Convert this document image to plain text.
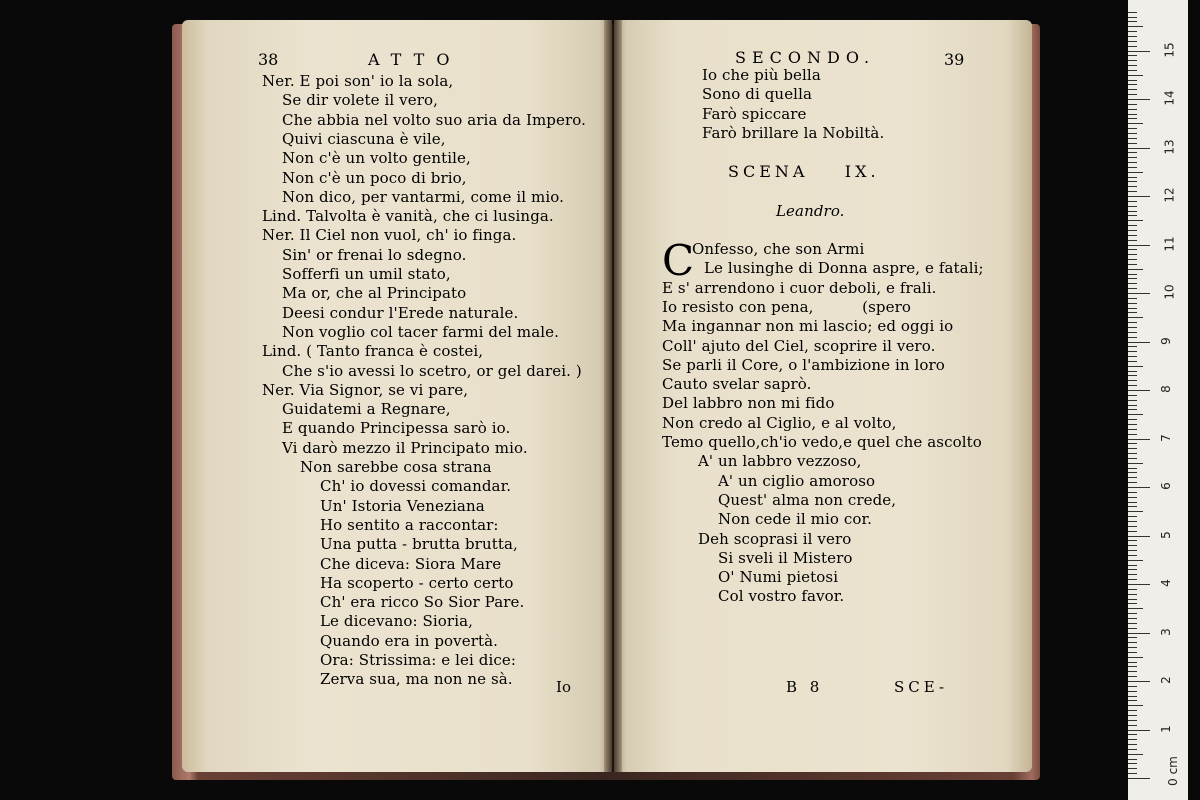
38	ATTO
Ner. E poi son' io la sola,
Se dir volete il vero,
Che abbia nel volto suo aria da Impero.
Quivi ciascuna è vile,
Non c'è un volto gentile,
Non c'è un poco di brio,
Non dico, per vantarmi, come il mio.
Lind. Talvolta è vanità, che ci lusinga.
Ner. Il Ciel non vuol, ch' io finga.
Sin' or frenai lo sdegno.
Sofferfi un umil stato,
Ma or, che al Principato
Deesi condur l'Erede naturale.
Non voglio col tacer farmi del male.
Lind. ( Tanto franca è costei,
Che s'io avessi lo scetro, or gel darei. )
Ner. Via Signor, se vi pare,
Guidatemi a Regnare,
E quando Principessa sarò io.
Vi darò mezzo il Principato mio.
Non sarebbe cosa strana
Ch' io dovessi comandar.
Un' Istoria Veneziana
Ho sentito a raccontar:
Una putta - brutta brutta,
Che diceva: Siora Mare
Ha scoperto - certo certo
Ch' era ricco So Sior Pare.
Le dicevano: Sioria,
Quando era in povertà.
Ora: Strissima: e lei dice:
Zerva sua, ma non ne sà.	Io
SECONDO.	39
Io che più bella
Sono di quella
Farò spiccare
Farò brillare la Nobiltà.
SCENA    IX.
Leandro.
C
Onfesso, che son Armi
Le lusinghe di Donna aspre, e fatali;
E s' arrendono i cuor deboli, e frali.
Io resisto con pena,          (spero
Ma ingannar non mi lascio; ed oggi io
Coll' ajuto del Ciel, scoprire il vero.
Se parli il Core, o l'ambizione in loro
Cauto svelar saprò.
Del labbro non mi fido
Non credo al Ciglio, e al volto,
Temo quello,ch'io vedo,e quel che ascolto
A' un labbro vezzoso,
A' un ciglio amoroso
Quest' alma non crede,
Non cede il mio cor.
Deh scoprasi il vero
Si sveli il Mistero
O' Numi pietosi
Col vostro favor.
B 8	SCE-
0 cm
1
2
3
4
5
6
7
8
9
10
11
12
13
14
15
